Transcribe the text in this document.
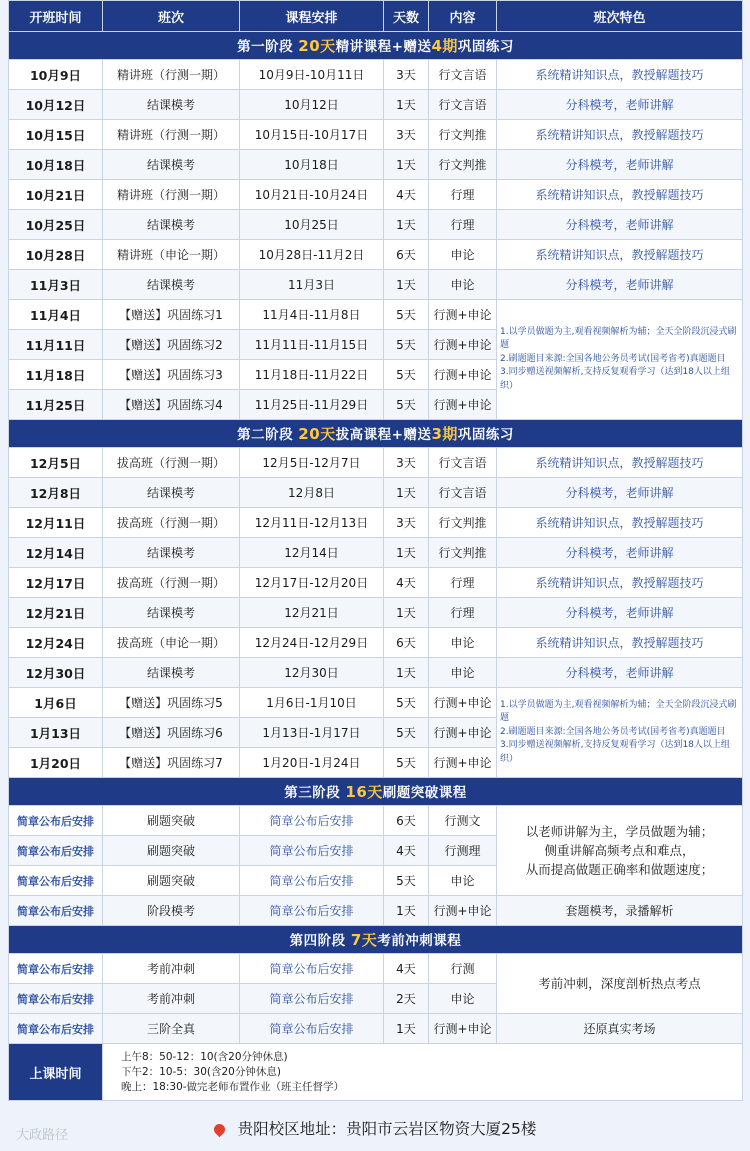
开班时间	班次	课程安排	天数	内容	班次特色
第一阶段 20天精讲课程+赠送4期巩固练习					
10月9日	精讲班（行测一期）	10月9日-10月11日	3天	行文言语	系统精讲知识点，教授解题技巧
10月12日	结课模考	10月12日	1天	行文言语	分科模考，老师讲解
10月15日	精讲班（行测一期）	10月15日-10月17日	3天	行文判推	系统精讲知识点，教授解题技巧
10月18日	结课模考	10月18日	1天	行文判推	分科模考，老师讲解
10月21日	精讲班（行测一期）	10月21日-10月24日	4天	行理	系统精讲知识点，教授解题技巧
10月25日	结课模考	10月25日	1天	行理	分科模考，老师讲解
10月28日	精讲班（申论一期）	10月28日-11月2日	6天	申论	系统精讲知识点，教授解题技巧
11月3日	结课模考	11月3日	1天	申论	分科模考，老师讲解
11月4日	【赠送】巩固练习1	11月4日-11月8日	5天	行测+申论	1.以学员做题为主,观看视频解析为辅；全天全阶段沉浸式刷题

2.刷题题目来源:全国各地公务员考试(国考省考)真题题目

3.同步赠送视频解析,支持反复观看学习（达到18人以上组织）

11月11日	【赠送】巩固练习2	11月11日-11月15日	5天	行测+申论	
11月18日	【赠送】巩固练习3	11月18日-11月22日	5天	行测+申论	
11月25日	【赠送】巩固练习4	11月25日-11月29日	5天	行测+申论	
第二阶段 20天拔高课程+赠送3期巩固练习					
12月5日	拔高班（行测一期）	12月5日-12月7日	3天	行文言语	系统精讲知识点，教授解题技巧
12月8日	结课模考	12月8日	1天	行文言语	分科模考，老师讲解
12月11日	拔高班（行测一期）	12月11日-12月13日	3天	行文判推	系统精讲知识点，教授解题技巧
12月14日	结课模考	12月14日	1天	行文判推	分科模考，老师讲解
12月17日	拔高班（行测一期）	12月17日-12月20日	4天	行理	系统精讲知识点，教授解题技巧
12月21日	结课模考	12月21日	1天	行理	分科模考，老师讲解
12月24日	拔高班（申论一期）	12月24日-12月29日	6天	申论	系统精讲知识点，教授解题技巧
12月30日	结课模考	12月30日	1天	申论	分科模考，老师讲解
1月6日	【赠送】巩固练习5	1月6日-1月10日	5天	行测+申论	1.以学员做题为主,观看视频解析为辅；全天全阶段沉浸式刷题

2.刷题题目来源:全国各地公务员考试(国考省考)真题题目

3.同步赠送视频解析,支持反复观看学习（达到18人以上组织）

1月13日	【赠送】巩固练习6	1月13日-1月17日	5天	行测+申论	
1月20日	【赠送】巩固练习7	1月20日-1月24日	5天	行测+申论	
第三阶段 16天刷题突破课程					
简章公布后安排	刷题突破	简章公布后安排	6天	行测文	以老师讲解为主，学员做题为辅；
侧重讲解高频考点和难点，
从而提高做题正确率和做题速度；

简章公布后安排	刷题突破	简章公布后安排	4天	行测理	
简章公布后安排	刷题突破	简章公布后安排	5天	申论	
简章公布后安排	阶段模考	简章公布后安排	1天	行测+申论	套题模考，录播解析
第四阶段 7天考前冲刺课程					
简章公布后安排	考前冲刺	简章公布后安排	4天	行测	考前冲刺，深度剖析热点考点
简章公布后安排	考前冲刺	简章公布后安排	2天	申论	
简章公布后安排	三阶全真	简章公布后安排	1天	行测+申论	还原真实考场
上课时间	上午8：50-12：10(含20分钟休息)
下午2：10-5：30(含20分钟休息)
晚上：18:30-做完老师布置作业（班主任督学）				
贵阳校区地址：贵阳市云岩区物资大厦25楼
大政路径
